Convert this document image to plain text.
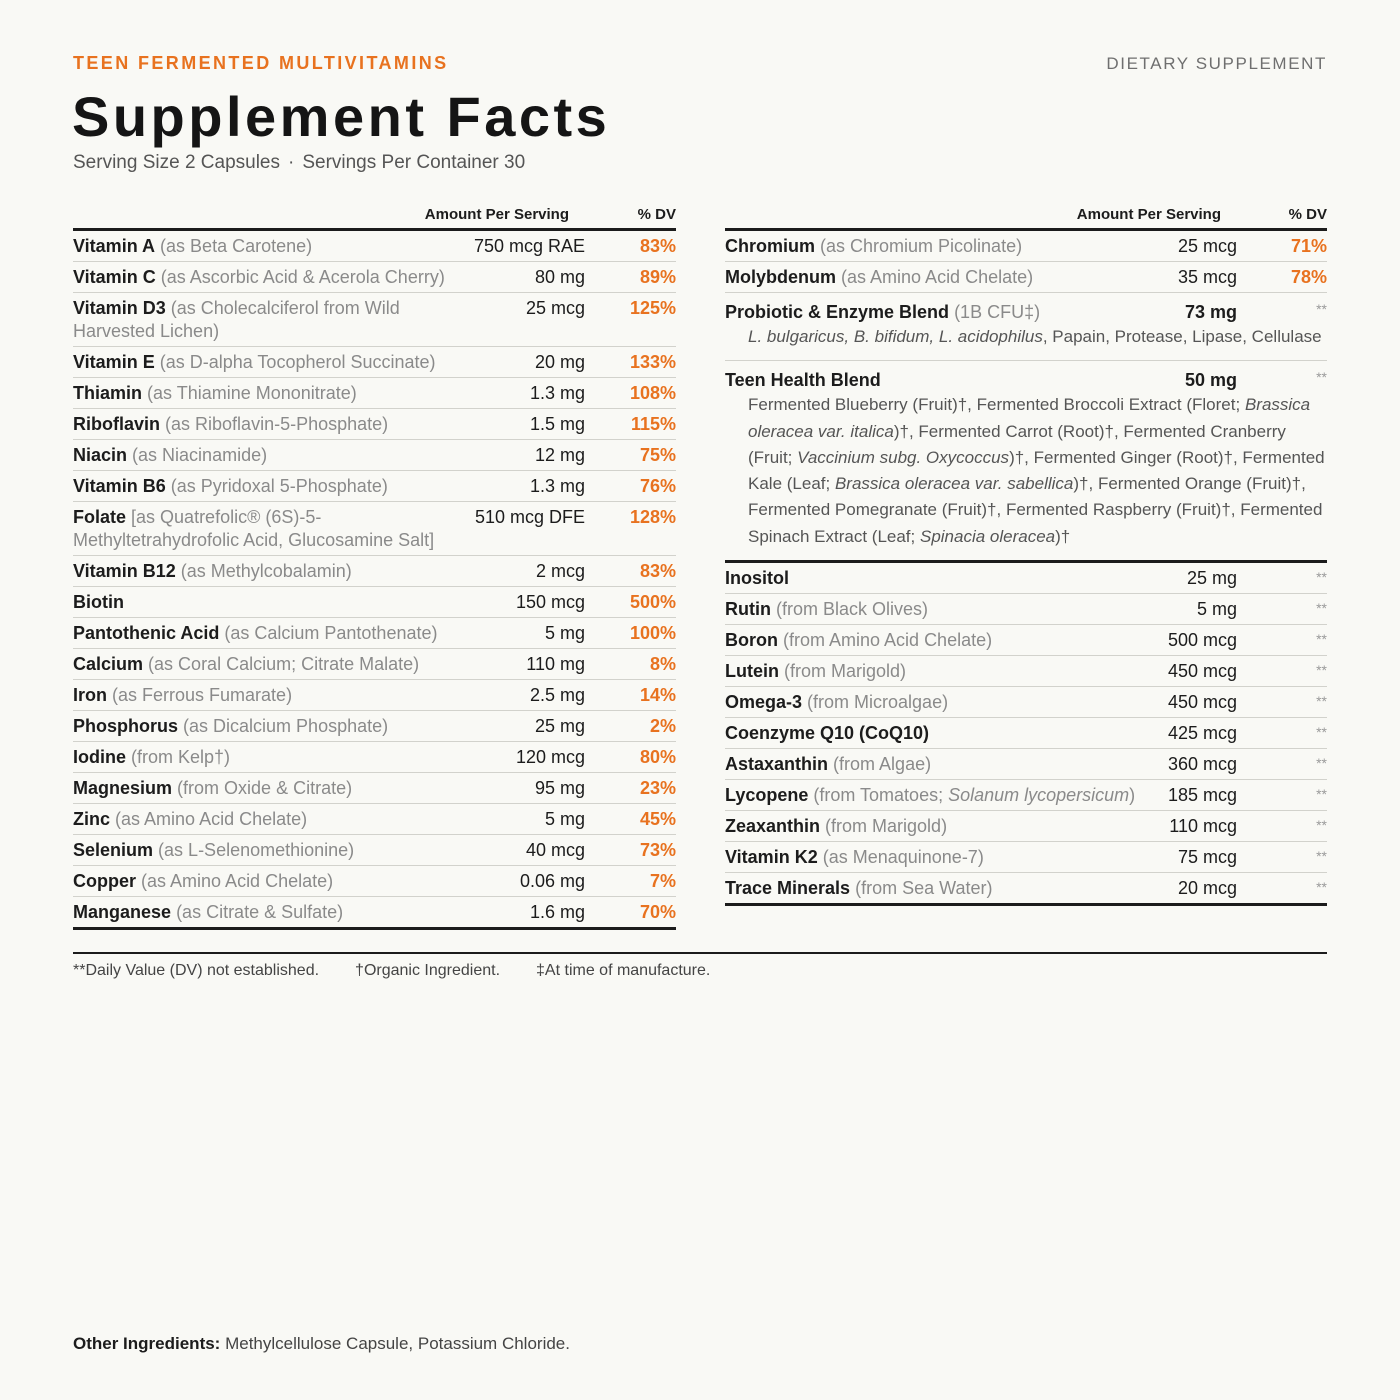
TEEN FERMENTED MULTIVITAMINS	DIETARY SUPPLEMENT
Supplement Facts
Serving Size 2 Capsules · Servings Per Container 30
Amount Per Serving	% DV
Vitamin A (as Beta Carotene)	750 mcg RAE	83%
Vitamin C (as Ascorbic Acid & Acerola Cherry)	80 mg	89%
Vitamin D3 (as Cholecalciferol from Wild Harvested Lichen)
25 mcg 125%
Vitamin E (as D-alpha Tocopherol Succinate)	20 mg 133%
Thiamin (as Thiamine Mononitrate)	1.3 mg 108%
Riboflavin (as Riboflavin-5-Phosphate)	1.5 mg	115%
Niacin (as Niacinamide)	12 mg	75%
Vitamin B6 (as Pyridoxal 5-Phosphate)	1.3 mg	76%
Folate [as Quatrefolic® (6S)-5-Methyltetrahydrofolic Acid, Glucosamine Salt]
510 mcg DFE 128%
Vitamin B12 (as Methylcobalamin)	2 mcg	83%
Biotin	150 mcg 500%
Pantothenic Acid (as Calcium Pantothenate)	5 mg 100%
Calcium (as Coral Calcium; Citrate Malate)	110 mg	8%
Iron (as Ferrous Fumarate)	2.5 mg	14%
Phosphorus (as Dicalcium Phosphate)	25 mg	2%
Iodine (from Kelp†)	120 mcg	80%
Magnesium (from Oxide & Citrate)	95 mg	23%
Zinc (as Amino Acid Chelate)	5 mg	45%
Selenium (as L-Selenomethionine)	40 mcg	73%
Copper (as Amino Acid Chelate)	0.06 mg	7%
Manganese (as Citrate & Sulfate)	1.6 mg	70%
Amount Per Serving	% DV
Chromium (as Chromium Picolinate)	25 mcg	71%
Molybdenum (as Amino Acid Chelate)	35 mcg	78%
Probiotic & Enzyme Blend (1B CFU‡)	73 mg	**
L. bulgaricus, B. bifidum, L. acidophilus, Papain, Protease, Lipase, Cellulase
Teen Health Blend	50 mg	**
Fermented Blueberry (Fruit)†, Fermented Broccoli Extract (Floret; Brassica oleracea var. italica)†, Fermented Carrot (Root)†, Fermented Cranberry (Fruit; Vaccinium subg. Oxycoccus)†, Fermented Ginger (Root)†, Fermented Kale (Leaf; Brassica oleracea var. sabellica)†, Fermented Orange (Fruit)†, Fermented Pomegranate (Fruit)†, Fermented Raspberry (Fruit)†, Fermented Spinach Extract (Leaf; Spinacia oleracea)†
Inositol	25 mg	**
Rutin (from Black Olives)	5 mg	**
Boron (from Amino Acid Chelate)	500 mcg	**
Lutein (from Marigold)	450 mcg	**
Omega-3 (from Microalgae)	450 mcg	**
Coenzyme Q10 (CoQ10)	425 mcg	**
Astaxanthin (from Algae)	360 mcg	**
Lycopene (from Tomatoes; Solanum lycopersicum)	185 mcg	**
Zeaxanthin (from Marigold)	110 mcg	**
Vitamin K2 (as Menaquinone-7)	75 mcg	**
Trace Minerals (from Sea Water)	20 mcg	**
**Daily Value (DV) not established. †Organic Ingredient. ‡At time of manufacture.
Other Ingredients: Methylcellulose Capsule, Potassium Chloride.
